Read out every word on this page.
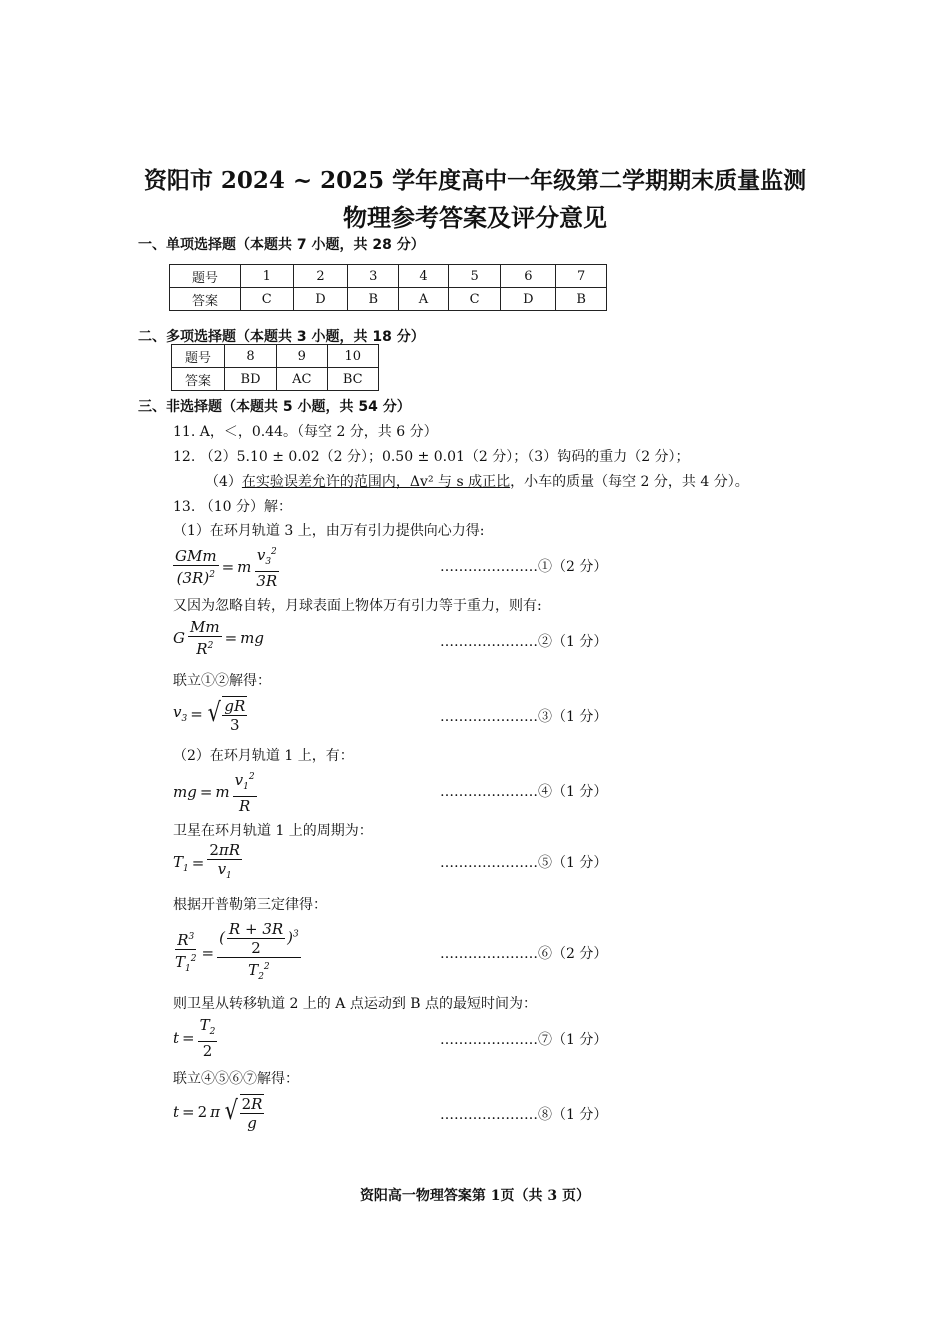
资阳市 2024 ~ 2025 学年度高中一年级第二学期期末质量监测
物理参考答案及评分意见
一、单项选择题（本题共 7 小题，共 28 分）
题号	1	2	3	4	5	6	7
答案	C	D	B	A	C	D	B
二、多项选择题（本题共 3 小题，共 18 分）
题号	8	9	10
答案	BD	AC	BC
三、非选择题（本题共 5 小题，共 54 分）
11. A，＜，0.44。（每空 2 分，共 6 分）
12. （2）5.10 ± 0.02（2 分）；0.50 ± 0.01（2 分）；（3）钩码的重力（2 分）；
（4）在实验误差允许的范围内，Δv² 与 s 成正比，小车的质量（每空 2 分，共 4 分）。
13. （10 分）解：
（1）在环月轨道 3 上，由万有引力提供向心力得:
$\frac{\text{GMm}}{(3R)^2} = m \frac{v_3^2}{3R}$	…………………①（2 分）
又因为忽略自转，月球表面上物体万有引力等于重力，则有:
G $\frac{Mm}{R^2}$ = mg	…………………②（1 分）
联立①②解得：
$v_3$ = √ $\frac{gR}{3}$	…………………③（1 分）
（2）在环月轨道 1 上，有：
mg = m $\frac{v_1^2}{R}$	…………………④（1 分）
卫星在环月轨道 1 上的周期为：
$T_1 = \frac{2\pi R}{v_1}$	…………………⑤（1 分）
根据开普勒第三定律得：
$\frac{R^3}{T_1^2} = \frac{( \frac{R + 3R}{2} )^3}{T_2^2}$	…………………⑥（2 分）
则卫星从转移轨道 2 上的 A 点运动到 B 点的最短时间为：
$t = \frac{T_2}{2}$	…………………⑦（1 分）
联立④⑤⑥⑦解得：
t = 2 π √ $\frac{2R}{g}$	…………………⑧（1 分）
资阳高一物理答案第 1页（共 3 页）
